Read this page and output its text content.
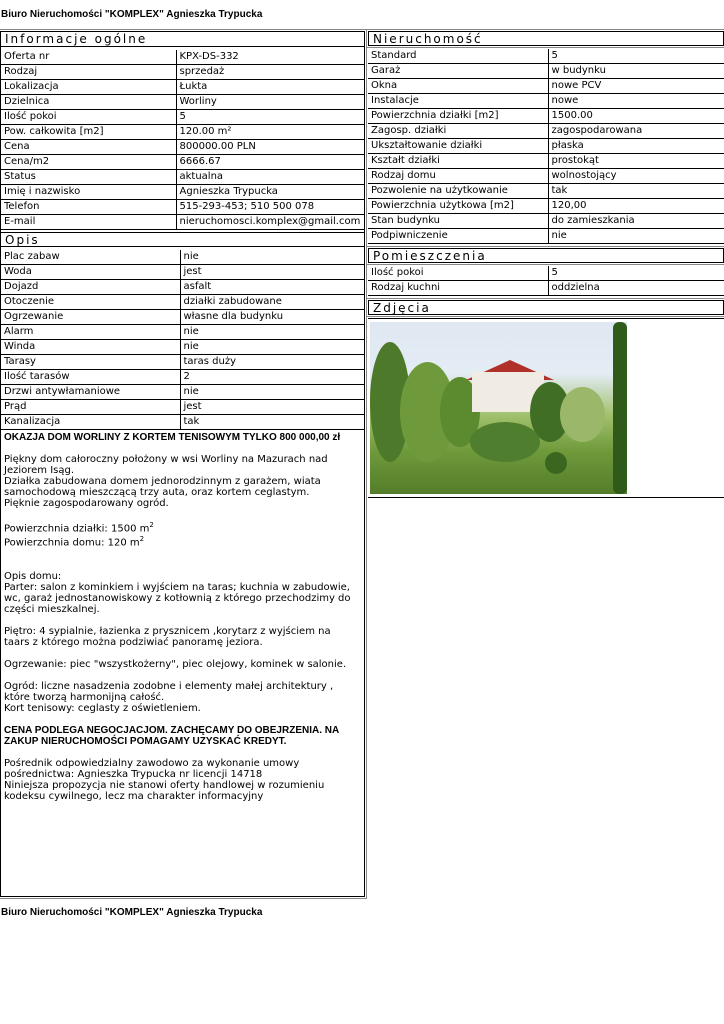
Biuro Nieruchomości "KOMPLEX" Agnieszka Trypucka
Informacje ogólne
Oferta nr	KPX-DS-332
Rodzaj	sprzedaż
Lokalizacja	Łukta
Dzielnica	Worliny
Ilość pokoi	5
Pow. całkowita [m2]	120.00 m²
Cena	800000.00 PLN
Cena/m2	6666.67
Status	aktualna
Imię i nazwisko	Agnieszka Trypucka
Telefon	515-293-453; 510 500 078
E-mail	nieruchomosci.komplex@gmail.com
Opis
Plac zabaw	nie
Woda	jest
Dojazd	asfalt
Otoczenie	działki zabudowane
Ogrzewanie	własne dla budynku
Alarm	nie
Winda	nie
Tarasy	taras duży
Ilość tarasów	2
Drzwi antywłamaniowe	nie
Prąd	jest
Kanalizacja	tak

OKAZJA DOM WORLINY Z KORTEM TENISOWYM TYLKO 800 000,00 zł

Piękny dom całoroczny położony w wsi Worliny na Mazurach nad
Jeziorem Isąg.
Działka zabudowana domem jednorodzinnym z garażem, wiata
samochodową mieszczącą trzy auta, oraz kortem ceglastym.
Pięknie zagospodarowany ogród.
Powierzchnia działki: 1500 $m^2$
Powierzchnia domu: 120 $m^2$
Opis domu:
Parter: salon z kominkiem i wyjściem na taras; kuchnia w zabudowie,
wc, garaż jednostanowiskowy z kotłownią z którego przechodzimy do
części mieszkalnej.
Piętro: 4 sypialnie, łazienka z prysznicem ,korytarz z wyjściem na
taars z którego można podziwiać panoramę jeziora.
Ogrzewanie: piec "wszystkożerny", piec olejowy, kominek w salonie.
Ogród: liczne nasadzenia zodobne i elementy małej architektury ,
które tworzą harmonijną całość.
Kort tenisowy: ceglasty z oświetleniem.
CENA PODLEGA NEGOCJACJOM. ZACHĘCAMY DO OBEJRZENIA. NA
ZAKUP NIERUCHOMOŚCI POMAGAMY UZYSKAĆ KREDYT.
Pośrednik odpowiedzialny zawodowo za wykonanie umowy
pośrednictwa: Agnieszka Trypucka nr licencji 14718
Niniejsza propozycja nie stanowi oferty handlowej w rozumieniu
kodeksu cywilnego, lecz ma charakter informacyjny
Nieruchomość
Standard	5
Garaż	w budynku
Okna	nowe PCV
Instalacje	nowe
Powierzchnia działki [m2]	1500.00
Zagosp. działki	zagospodarowana
Ukształtowanie działki	płaska
Kształt działki	prostokąt
Rodzaj domu	wolnostojący
Pozwolenie na użytkowanie	tak
Powierzchnia użytkowa [m2]	120,00
Stan budynku	do zamieszkania
Podpiwniczenie	nie
Pomieszczenia
Ilość pokoi	5
Rodzaj kuchni	oddzielna
Zdjęcia
Biuro Nieruchomości "KOMPLEX" Agnieszka Trypucka
